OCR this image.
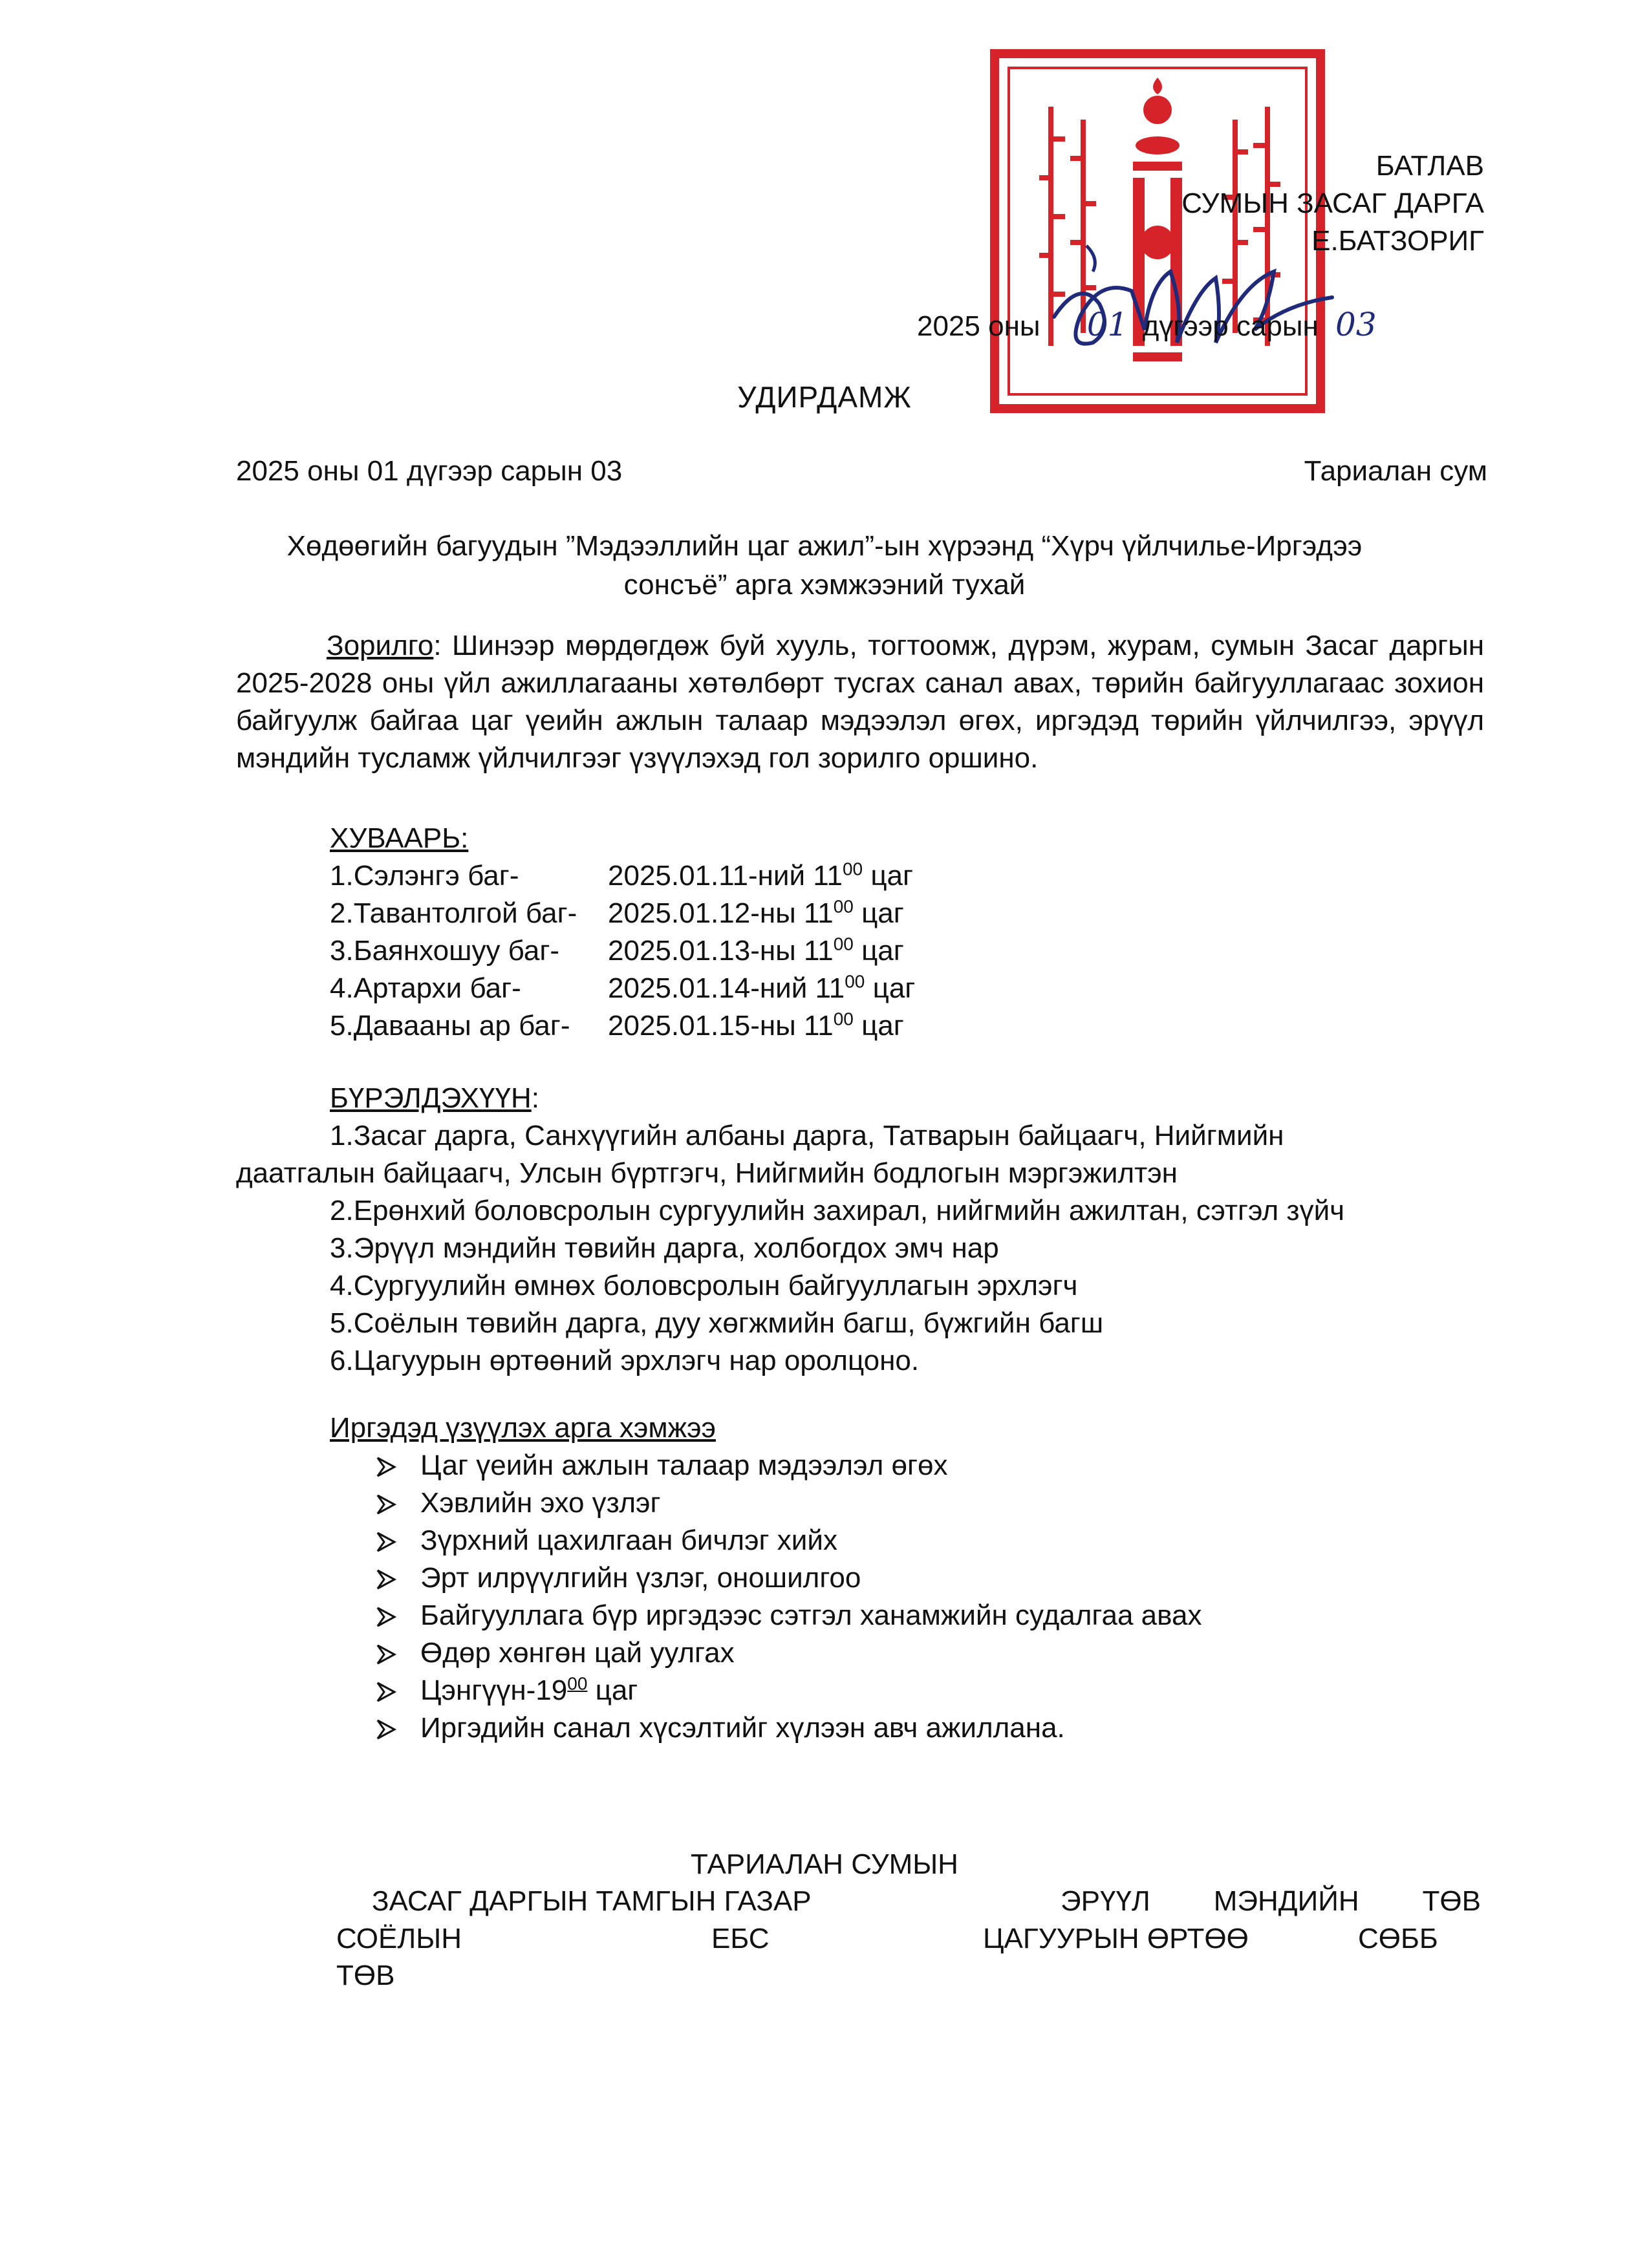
БАТЛАВ
СУМЫН ЗАСАГ ДАРГА
Е.БАТЗОРИГ
2025 оны 01 дүгээр сарын 03
УДИРДАМЖ
2025 оны 01 дүгээр сарын 03	Тариалан сум
Хөдөөгийн багуудын ”Мэдээллийн цаг ажил”-ын хүрээнд “Хүрч үйлчилье-Иргэдээ
сонсъё” арга хэмжээний тухай
Зорилго: Шинээр мөрдөгдөж буй хууль, тогтоомж, дүрэм, журам, сумын Засаг даргын 2025-2028 оны үйл ажиллагааны хөтөлбөрт тусгах санал авах, төрийн байгууллагаас зохион байгуулж байгаа цаг үеийн ажлын талаар мэдээлэл өгөх, иргэдэд төрийн үйлчилгээ, эрүүл мэндийн тусламж үйлчилгээг үзүүлэхэд гол зорилго оршино.
ХУВААРЬ:
1.Сэлэнгэ баг-	2025.01.11-ний $11^{00}$ цаг
2.Тавантолгой баг- 2025.01.12-ны $11^{00}$ цаг
3.Баянхошуу баг- 2025.01.13-ны $11^{00}$ цаг
4.Артархи баг-	2025.01.14-ний $11^{00}$ цаг
5.Давааны ар баг- 2025.01.15-ны $11^{00}$ цаг
БҮРЭЛДЭХҮҮН:
1.Засаг дарга, Санхүүгийн албаны дарга, Татварын байцаагч, Нийгмийн
даатгалын байцаагч, Улсын бүртгэгч, Нийгмийн бодлогын мэргэжилтэн
2.Ерөнхий боловсролын сургуулийн захирал, нийгмийн ажилтан, сэтгэл зүйч
3.Эрүүл мэндийн төвийн дарга, холбогдох эмч нар
4.Сургуулийн өмнөх боловсролын байгууллагын эрхлэгч
5.Соёлын төвийн дарга, дуу хөгжмийн багш, бүжгийн багш
6.Цагуурын өртөөний эрхлэгч нар оролцоно.
Иргэдэд үзүүлэх арга хэмжээ
Цаг үеийн ажлын талаар мэдээлэл өгөх
Хэвлийн эхо үзлэг
Зүрхний цахилгаан бичлэг хийх
Эрт илрүүлгийн үзлэг, оношилгоо
Байгууллага бүр иргэдээс сэтгэл ханамжийн судалгаа авах
Өдөр хөнгөн цай уулгах
Цэнгүүн-$19^{00}$ цаг
Иргэдийн санал хүсэлтийг хүлээн авч ажиллана.
ТАРИАЛАН СУМЫН
ЗАСАГ ДАРГЫН ТАМГЫН ГАЗАР	ЭРҮҮЛ МЭНДИЙН ТӨВ
СОЁЛЫН ТӨВ
ЕБС	ЦАГУУРЫН ӨРТӨӨ	СӨББ
